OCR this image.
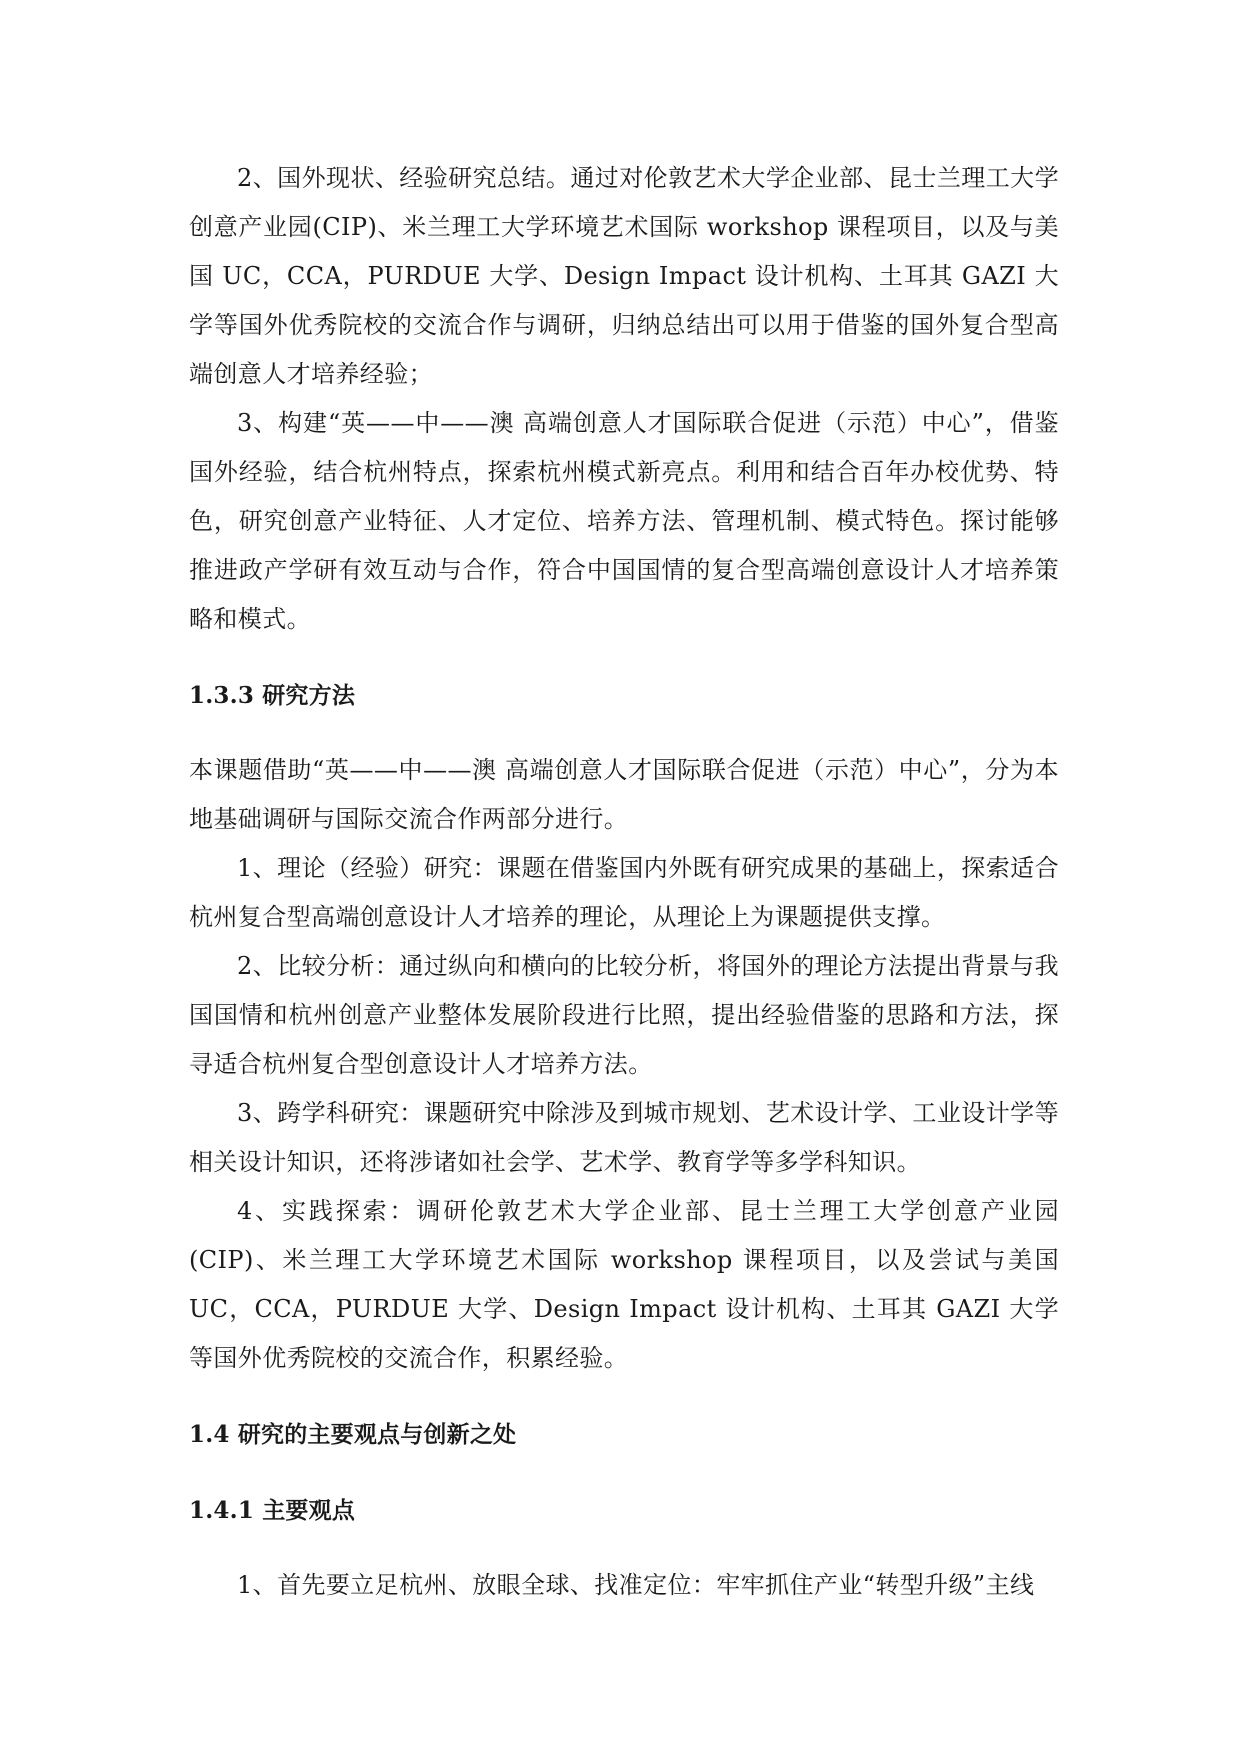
2、国外现状、经验研究总结。通过对伦敦艺术大学企业部、昆士兰理工大学创意产业园(CIP)、米兰理工大学环境艺术国际 workshop 课程项目，以及与美国 UC，CCA，PURDUE 大学、Design Impact 设计机构、土耳其 GAZI 大学等国外优秀院校的交流合作与调研，归纳总结出可以用于借鉴的国外复合型高端创意人才培养经验；

3、构建“英——中——澳 高端创意人才国际联合促进（示范）中心”，借鉴国外经验，结合杭州特点，探索杭州模式新亮点。利用和结合百年办校优势、特色，研究创意产业特征、人才定位、培养方法、管理机制、模式特色。探讨能够推进政产学研有效互动与合作，符合中国国情的复合型高端创意设计人才培养策略和模式。

1.3.3 研究方法

本课题借助“英——中——澳 高端创意人才国际联合促进（示范）中心”，分为本地基础调研与国际交流合作两部分进行。

1、理论（经验）研究：课题在借鉴国内外既有研究成果的基础上，探索适合杭州复合型高端创意设计人才培养的理论，从理论上为课题提供支撑。

2、比较分析：通过纵向和横向的比较分析，将国外的理论方法提出背景与我国国情和杭州创意产业整体发展阶段进行比照，提出经验借鉴的思路和方法，探寻适合杭州复合型创意设计人才培养方法。

3、跨学科研究：课题研究中除涉及到城市规划、艺术设计学、工业设计学等相关设计知识，还将涉诸如社会学、艺术学、教育学等多学科知识。

4、实践探索：调研伦敦艺术大学企业部、昆士兰理工大学创意产业园(CIP)、米兰理工大学环境艺术国际 workshop 课程项目，以及尝试与美国 UC，CCA，PURDUE 大学、Design Impact 设计机构、土耳其 GAZI 大学等国外优秀院校的交流合作，积累经验。

1.4 研究的主要观点与创新之处
1.4.1 主要观点

1、首先要立足杭州、放眼全球、找准定位：牢牢抓住产业“转型升级”主线
